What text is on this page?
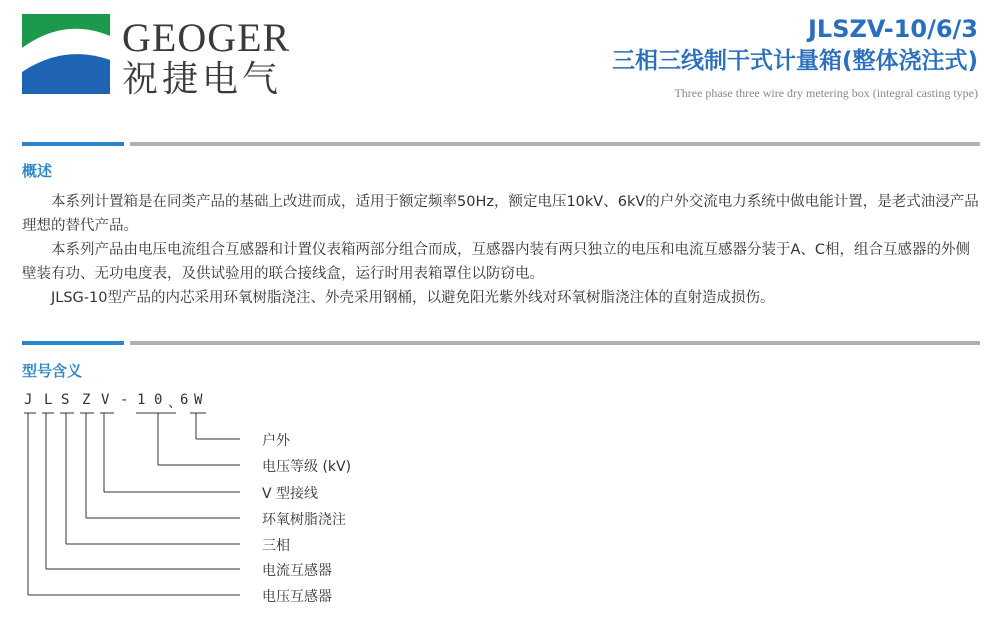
GEOGER
祝捷电气
JLSZV-10/6/3
三相三线制干式计量箱(整体浇注式)
Three phase three wire dry metering box (integral casting type)
概述

本系列计置箱是在同类产品的基础上改进而成，适用于额定频率50Hz，额定电压10kV、6kV的户外交流电力系统中做电能计置，是老式油浸产品理想的替代产品。

本系列产品由电压电流组合互感器和计置仪表箱两部分组合而成，互感器内装有两只独立的电压和电流互感器分装于A、C相，组合互感器的外侧壁装有功、无功电度表，及供试验用的联合接线盒，运行时用表箱罩住以防窃电。

JLSG-10型产品的内芯采用环氧树脂浇注、外壳采用钢桶，以避免阳光紫外线对环氧树脂浇注体的直射造成损伤。

型号含义
J L S Z V - 1 0 、
6 W
户外
电压等级 (kV)
V 型接线
环氧树脂浇注
三相
电流互感器
电压互感器
